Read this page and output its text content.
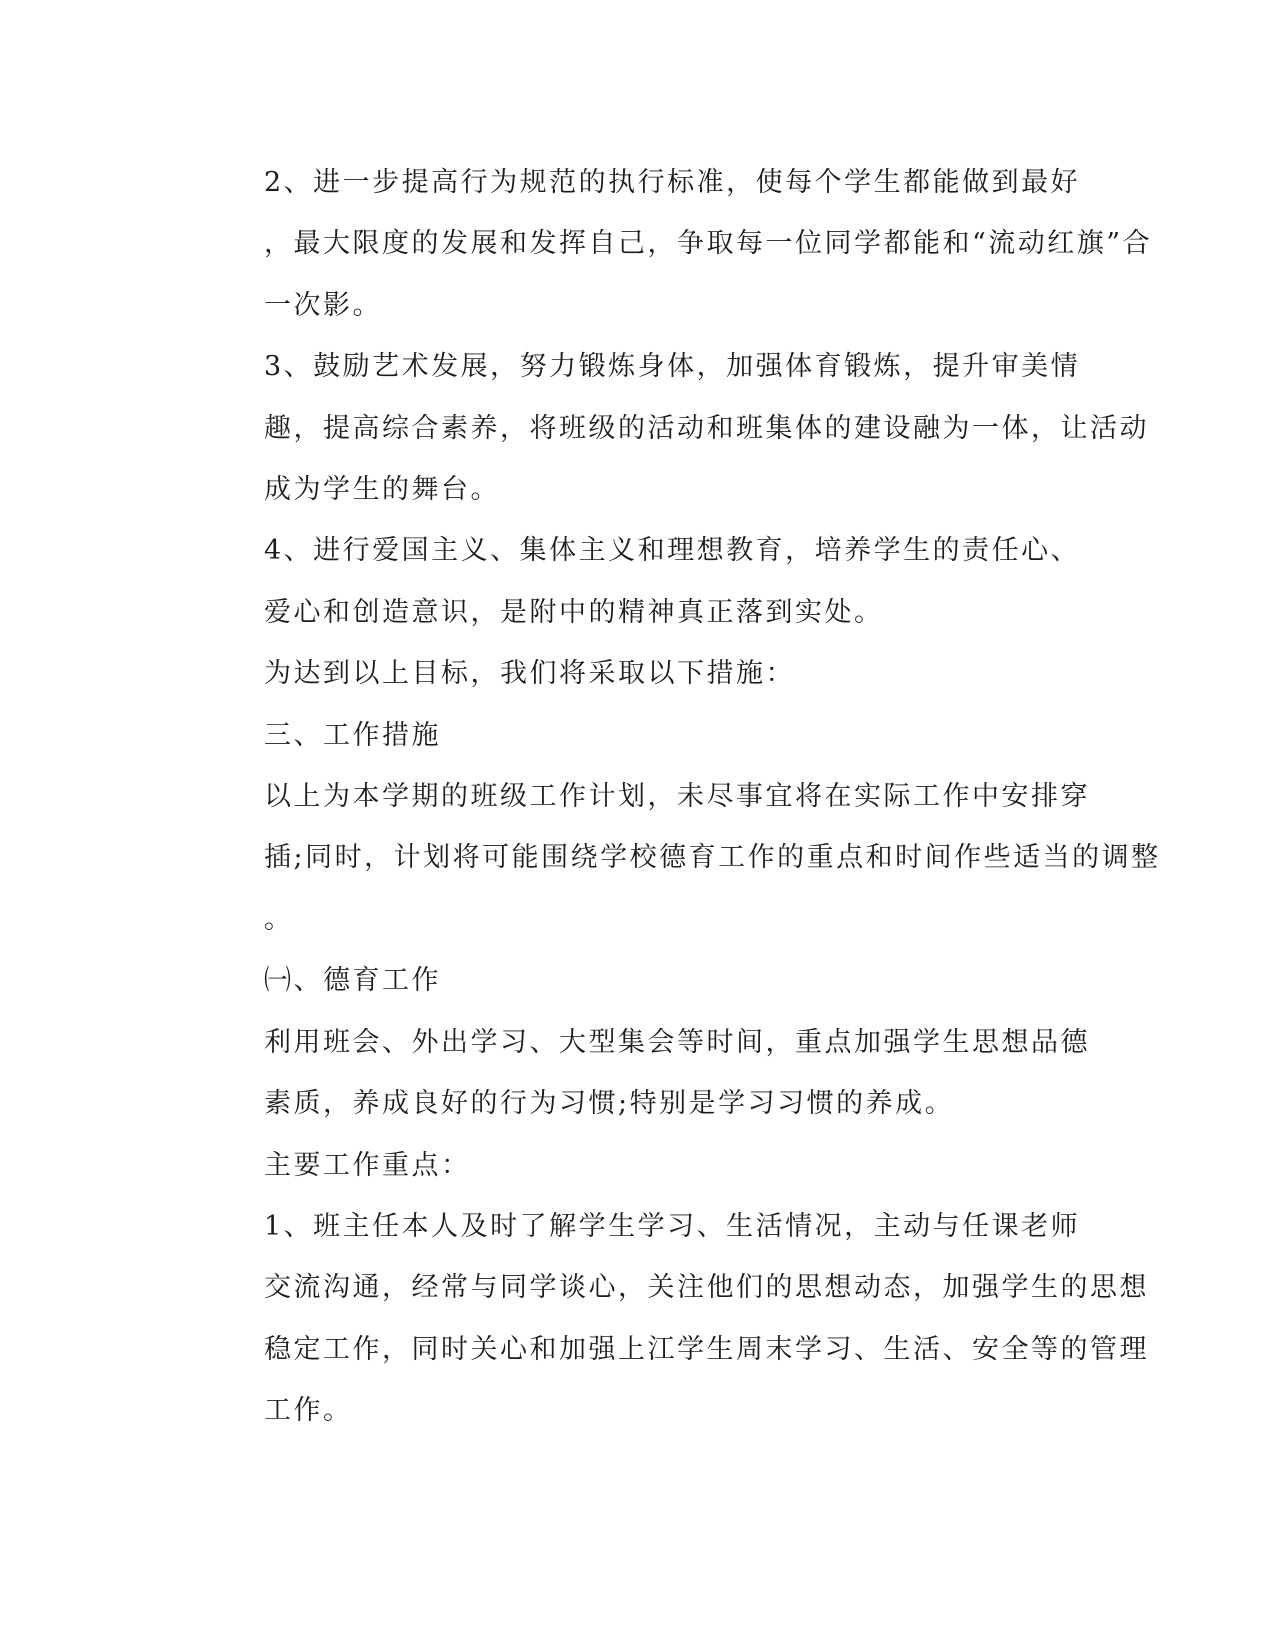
2、进一步提高行为规范的执行标准，使每个学生都能做到最好
，最大限度的发展和发挥自己，争取每一位同学都能和“流动红旗”合
一次影。

3、鼓励艺术发展，努力锻炼身体，加强体育锻炼，提升审美情
趣，提高综合素养，将班级的活动和班集体的建设融为一体，让活动
成为学生的舞台。

4、进行爱国主义、集体主义和理想教育，培养学生的责任心、
爱心和创造意识，是附中的精神真正落到实处。

为达到以上目标，我们将采取以下措施：

三、工作措施

以上为本学期的班级工作计划，未尽事宜将在实际工作中安排穿
插;同时，计划将可能围绕学校德育工作的重点和时间作些适当的调整
。

㈠、德育工作

利用班会、外出学习、大型集会等时间，重点加强学生思想品德
素质，养成良好的行为习惯;特别是学习习惯的养成。

主要工作重点：

1、班主任本人及时了解学生学习、生活情况，主动与任课老师
交流沟通，经常与同学谈心，关注他们的思想动态，加强学生的思想
稳定工作，同时关心和加强上江学生周末学习、生活、安全等的管理
工作。
